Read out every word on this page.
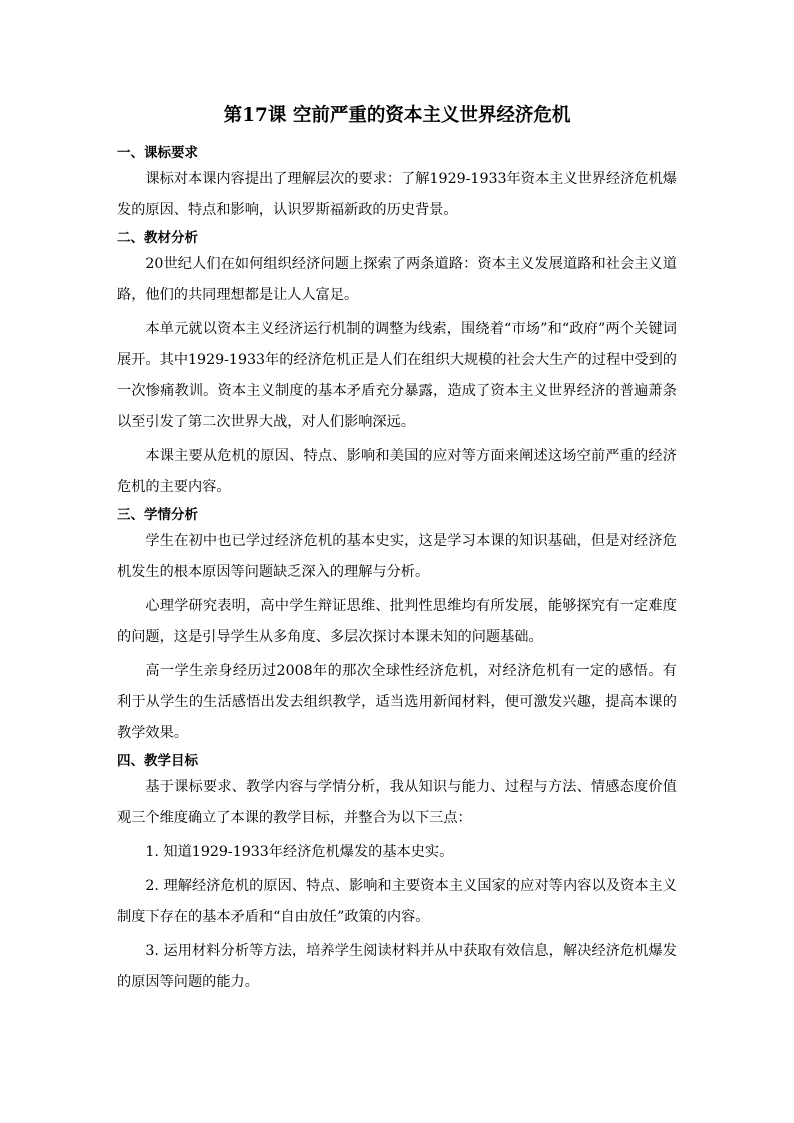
第17课 空前严重的资本主义世界经济危机
一、课标要求

课标对本课内容提出了理解层次的要求：了解1929-1933年资本主义世界经济危机爆发的原因、特点和影响，认识罗斯福新政的历史背景。

二、教材分析

20世纪人们在如何组织经济问题上探索了两条道路：资本主义发展道路和社会主义道路，他们的共同理想都是让人人富足。

本单元就以资本主义经济运行机制的调整为线索，围绕着“市场”和“政府”两个关键词展开。其中1929-1933年的经济危机正是人们在组织大规模的社会大生产的过程中受到的一次惨痛教训。资本主义制度的基本矛盾充分暴露，造成了资本主义世界经济的普遍萧条以至引发了第二次世界大战，对人们影响深远。

本课主要从危机的原因、特点、影响和美国的应对等方面来阐述这场空前严重的经济危机的主要内容。

三、学情分析

学生在初中也已学过经济危机的基本史实，这是学习本课的知识基础，但是对经济危机发生的根本原因等问题缺乏深入的理解与分析。

心理学研究表明，高中学生辩证思维、批判性思维均有所发展，能够探究有一定难度的问题，这是引导学生从多角度、多层次探讨本课未知的问题基础。

高一学生亲身经历过2008年的那次全球性经济危机，对经济危机有一定的感悟。有利于从学生的生活感悟出发去组织教学，适当选用新闻材料，便可激发兴趣，提高本课的教学效果。

四、教学目标

基于课标要求、教学内容与学情分析，我从知识与能力、过程与方法、情感态度价值观三个维度确立了本课的教学目标，并整合为以下三点：

1. 知道1929-1933年经济危机爆发的基本史实。

2. 理解经济危机的原因、特点、影响和主要资本主义国家的应对等内容以及资本主义制度下存在的基本矛盾和“自由放任”政策的内容。

3. 运用材料分析等方法，培养学生阅读材料并从中获取有效信息，解决经济危机爆发的原因等问题的能力。
